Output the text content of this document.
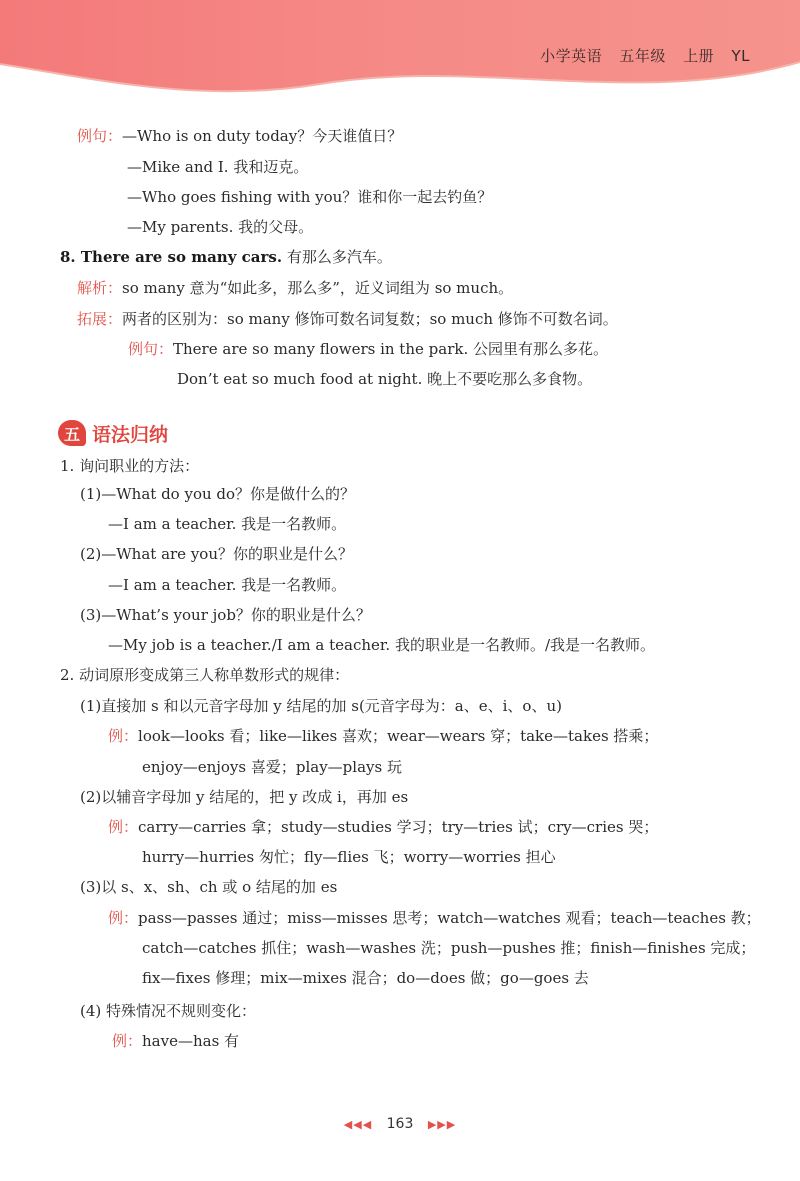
小学英语 五年级 上册 YL
例句：—Who is on duty today？今天谁值日？
—Mike and I. 我和迈克。
—Who goes fishing with you？谁和你一起去钓鱼？
—My parents. 我的父母。
8. There are so many cars. 有那么多汽车。
解析：so many 意为“如此多，那么多”，近义词组为 so much。
拓展：两者的区别为：so many 修饰可数名词复数；so much 修饰不可数名词。
例句：There are so many flowers in the park. 公园里有那么多花。
Don’t eat so much food at night. 晚上不要吃那么多食物。
五 语法归纳
1. 询问职业的方法：
(1)—What do you do？你是做什么的？
—I am a teacher. 我是一名教师。
(2)—What are you？你的职业是什么？
—I am a teacher. 我是一名教师。
(3)—What’s your job？你的职业是什么？
—My job is a teacher./I am a teacher. 我的职业是一名教师。/我是一名教师。
2. 动词原形变成第三人称单数形式的规律：
(1)直接加 s 和以元音字母加 y 结尾的加 s(元音字母为：a、e、i、o、u)
例：look—looks 看；like—likes 喜欢；wear—wears 穿；take—takes 搭乘；
enjoy—enjoys 喜爱；play—plays 玩
(2)以辅音字母加 y 结尾的，把 y 改成 i，再加 es
例：carry—carries 拿；study—studies 学习；try—tries 试；cry—cries 哭；
hurry—hurries 匆忙；fly—flies 飞；worry—worries 担心
(3)以 s、x、sh、ch 或 o 结尾的加 es
例：pass—passes 通过；miss—misses 思考；watch—watches 观看；teach—teaches 教；
catch—catches 抓住；wash—washes 洗；push—pushes 推；finish—finishes 完成；
fix—fixes 修理；mix—mixes 混合；do—does 做；go—goes 去
(4) 特殊情况不规则变化：
例：have—has 有
◀◀◀ 163 ▶▶▶
